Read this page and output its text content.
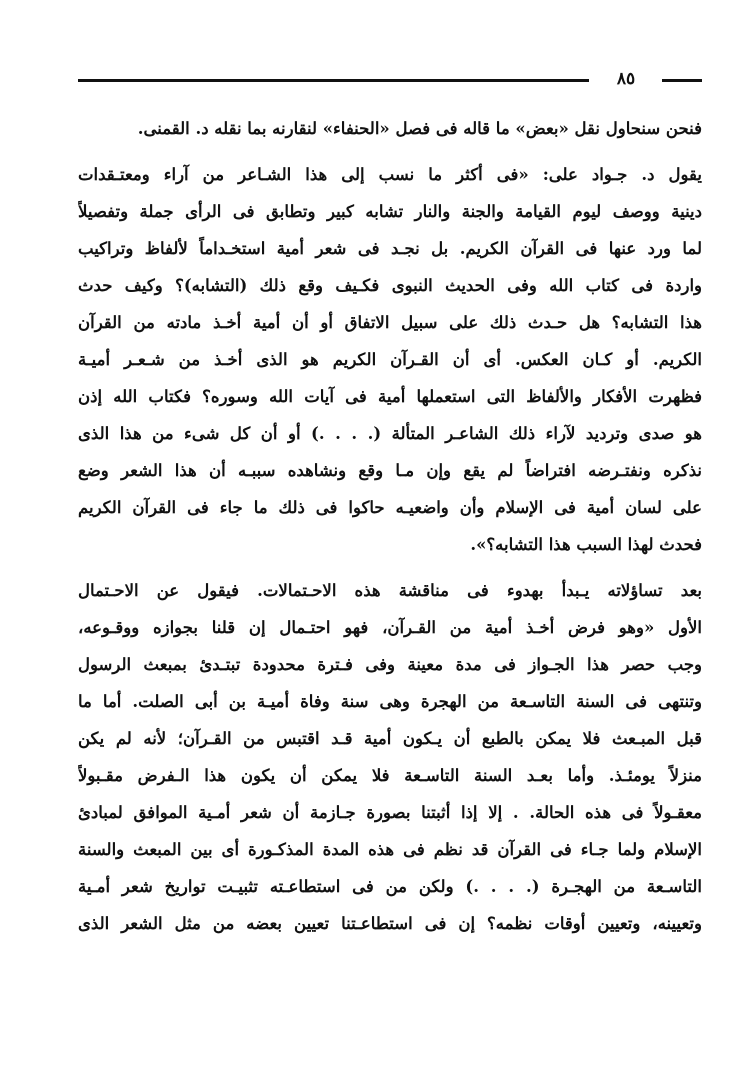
٨٥
فنحن سنحاول نقل «بعض» ما قاله فى فصل «الحنفاء» لنقارنه بما نقله د. القمنى.
يقول د. جـواد على: «فى أكثر ما نسب إلى هذا الشـاعر من آراء ومعتـقدات
دينية ووصف ليوم القيامة والجنة والنار تشابه كبير وتطابق فى الرأى جملة وتفصيلاً
لما ورد عنها فى القرآن الكريم. بل نجـد فى شعر أمية استخـداماً لألفاظ وتراكيب
واردة فى كتاب الله وفى الحديث النبوى فكـيف وقع ذلك (التشابه)؟ وكيف حدث
هذا التشابه؟ هل حـدث ذلك على سبيل الاتفاق أو أن أمية أخـذ مادته من القرآن
الكريم. أو كـان العكس. أى أن القـرآن الكريم هو الذى أخـذ من شـعـر أميـة
فظهرت الأفكار والألفاظ التى استعملها أمية فى آيات الله وسوره؟ فكتاب الله إذن
هو صدى وترديد لآراء ذلك الشاعـر المتألة (. . . .) أو أن كل شىء من هذا الذى
نذكره ونفتـرضه افتراضاً لم يقع وإن مـا وقع ونشاهده سببـه أن هذا الشعر وضع
على لسان أمية فى الإسلام وأن واضعيـه حاكوا فى ذلك ما جاء فى القرآن الكريم
فحدث لهذا السبب هذا التشابه؟».
بعد تساؤلاته يـبدأ بهدوء فى مناقشة هذه الاحـتمالات. فيقول عن الاحـتمال
الأول «وهو فرض أخـذ أمية من القـرآن، فهو احتـمال إن قلنا بجوازه ووقـوعه،
وجب حصر هذا الجـواز فى مدة معينة وفى فـترة محدودة تبتـدئ بمبعث الرسول
وتنتهى فى السنة التاسـعة من الهجرة وهى سنة وفاة أميـة بن أبى الصلت. أما ما
قبل المبـعث فلا يمكن بالطبع أن يـكون أمية قـد اقتبس من القـرآن؛ لأنه لم يكن
منزلاً يومئـذ. وأما بعـد السنة التاسـعة فلا يمكن أن يكون هذا الـفرض مقـبولاً
معقـولاً فى هذه الحالة. . إلا إذا أثبتنا بصورة جـازمة أن شعر أمـية الموافق لمبادئ
الإسلام ولما جـاء فى القرآن قد نظم فى هذه المدة المذكـورة أى بين المبعث والسنة
التاسـعة من الهجـرة (. . . .) ولكن من فى استطاعـته تثبيـت تواريخ شعر أمـية
وتعيينه، وتعيين أوقات نظمه؟ إن فى استطاعـتنا تعيين بعضه من مثل الشعر الذى
